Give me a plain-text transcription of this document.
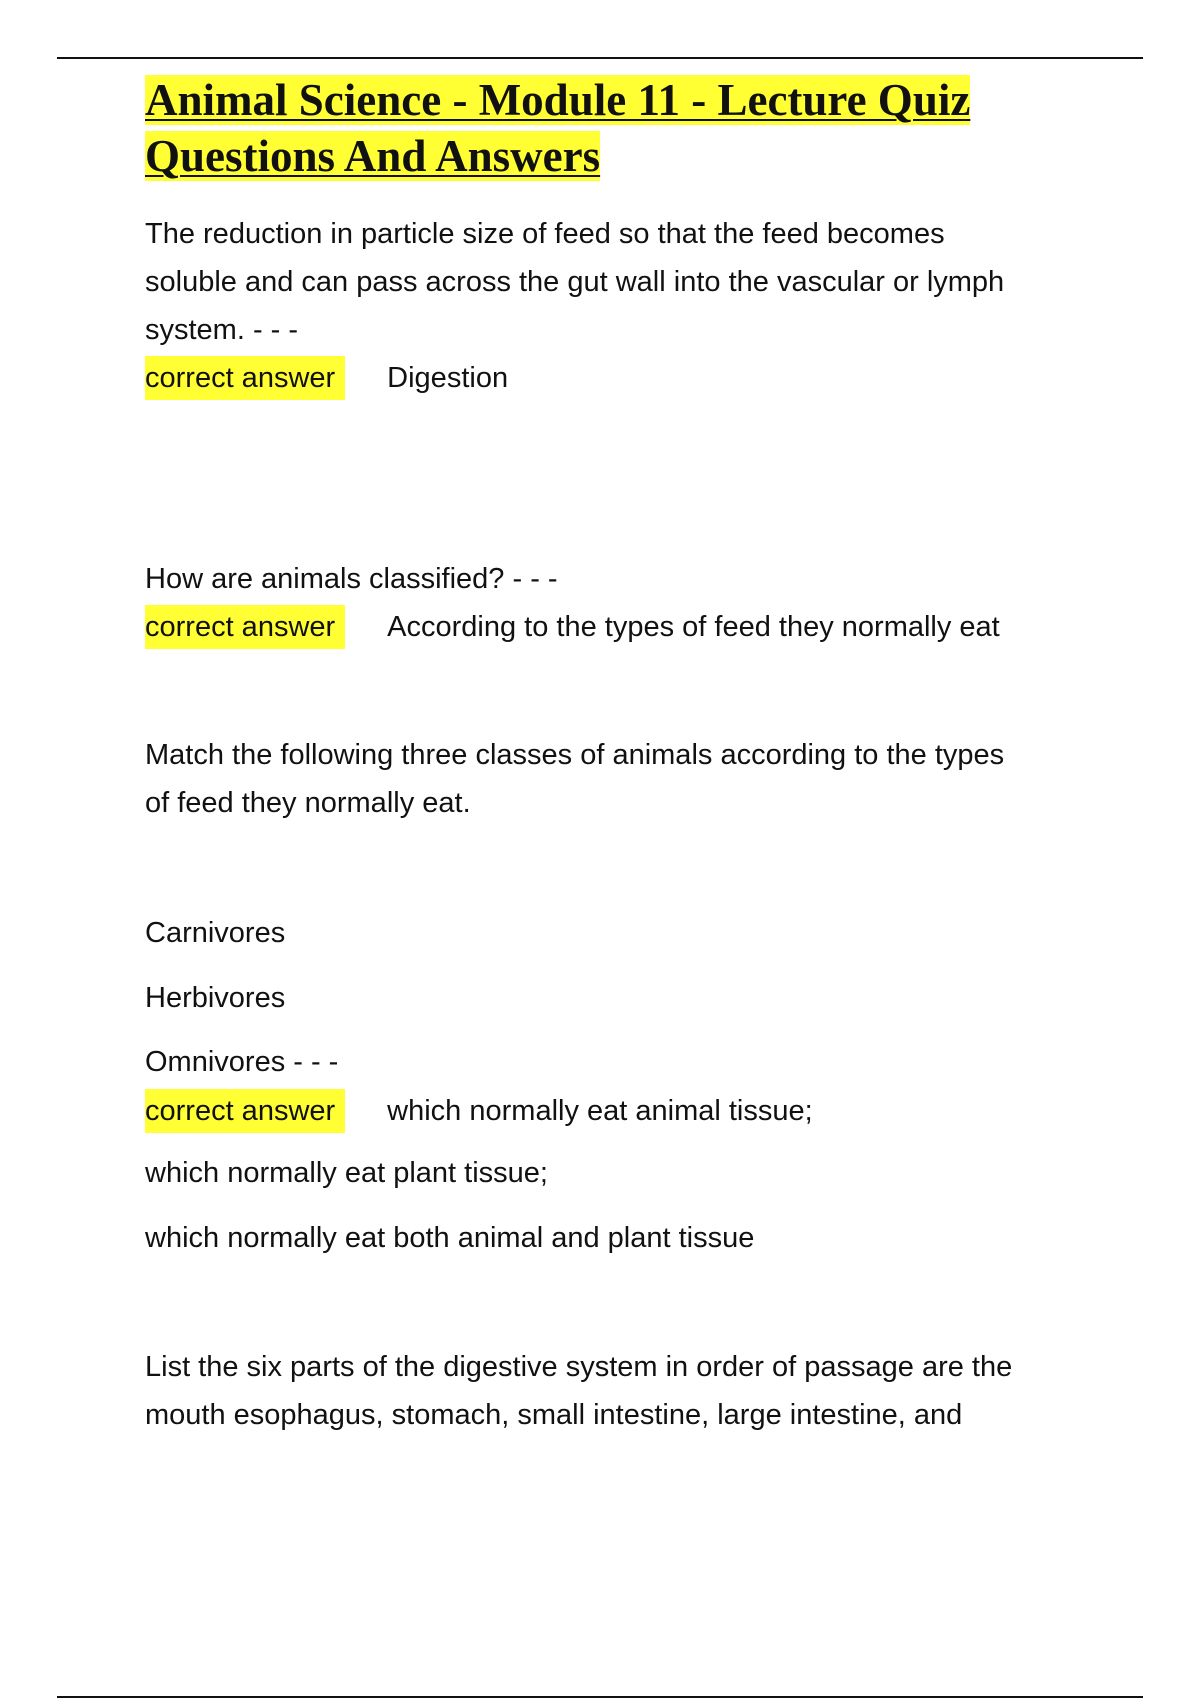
Animal Science - Module 11 - Lecture Quiz
Questions And Answers

The reduction in particle size of feed so that the feed becomes

soluble and can pass across the gut wall into the vascular or lymph

system. - - -

correct answer	Digestion

How are animals classified? - - -

correct answer	According to the types of feed they normally eat

Match the following three classes of animals according to the types

of feed they normally eat.

Carnivores

Herbivores

Omnivores - - -

correct answer	which normally eat animal tissue;

which normally eat plant tissue;

which normally eat both animal and plant tissue

List the six parts of the digestive system in order of passage are the

mouth esophagus, stomach, small intestine, large intestine, and
